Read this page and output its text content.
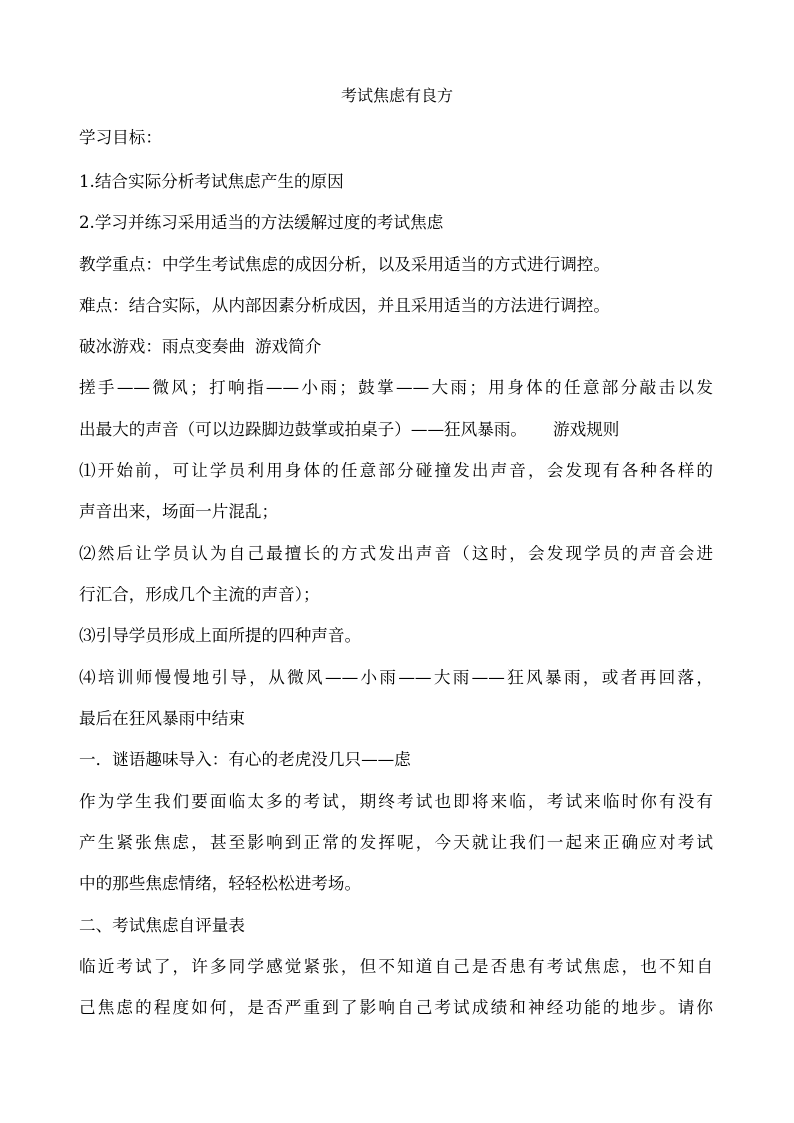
考试焦虑有良方
学习目标：
1.结合实际分析考试焦虑产生的原因
2.学习并练习采用适当的方法缓解过度的考试焦虑
教学重点：中学生考试焦虑的成因分析，以及采用适当的方式进行调控。
难点：结合实际，从内部因素分析成因，并且采用适当的方法进行调控。
破冰游戏：雨点变奏曲 游戏简介
搓手——微风；打响指——小雨；鼓掌——大雨；用身体的任意部分敲击以发
出最大的声音（可以边跺脚边鼓掌或拍桌子）——狂风暴雨。 游戏规则
⑴开始前，可让学员利用身体的任意部分碰撞发出声音，会发现有各种各样的
声音出来，场面一片混乱；
⑵然后让学员认为自己最擅长的方式发出声音（这时，会发现学员的声音会进
行汇合，形成几个主流的声音）；
⑶引导学员形成上面所提的四种声音。
⑷培训师慢慢地引导，从微风——小雨——大雨——狂风暴雨，或者再回落，
最后在狂风暴雨中结束
一．谜语趣味导入：有心的老虎没几只——虑
作为学生我们要面临太多的考试，期终考试也即将来临，考试来临时你有没有
产生紧张焦虑，甚至影响到正常的发挥呢，今天就让我们一起来正确应对考试
中的那些焦虑情绪，轻轻松松进考场。
二、考试焦虑自评量表
临近考试了，许多同学感觉紧张，但不知道自己是否患有考试焦虑，也不知自
己焦虑的程度如何，是否严重到了影响自己考试成绩和神经功能的地步。请你
